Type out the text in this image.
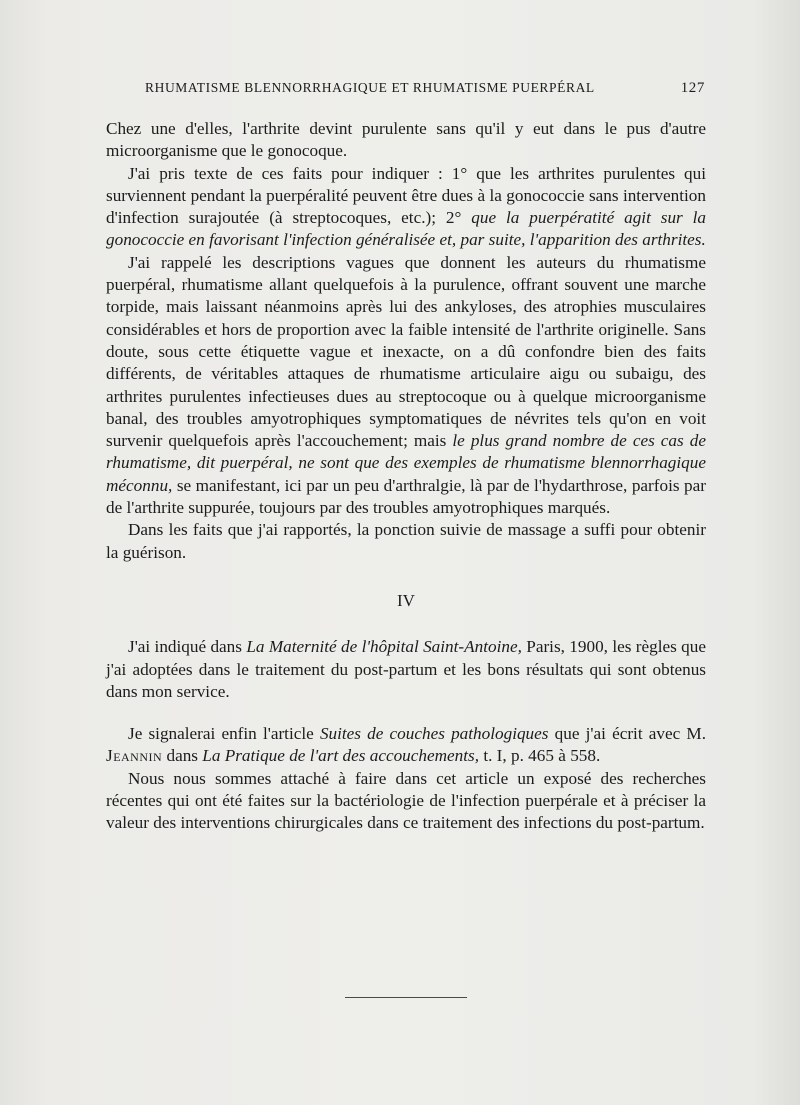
RHUMATISME BLENNORRHAGIQUE ET RHUMATISME PUERPÉRAL	127

Chez une d'elles, l'arthrite devint purulente sans qu'il y eut dans le pus d'autre microorganisme que le gonocoque.

J'ai pris texte de ces faits pour indiquer : 1° que les arthrites purulentes qui surviennent pendant la puerpéralité peuvent être dues à la gonococcie sans intervention d'infection surajoutée (à streptocoques, etc.); 2° que la puerpératité agit sur la gonococcie en favorisant l'infection généralisée et, par suite, l'apparition des arthrites.

J'ai rappelé les descriptions vagues que donnent les auteurs du rhumatisme puerpéral, rhumatisme allant quelquefois à la purulence, offrant souvent une marche torpide, mais laissant néanmoins après lui des ankyloses, des atrophies musculaires considérables et hors de proportion avec la faible intensité de l'arthrite originelle. Sans doute, sous cette étiquette vague et inexacte, on a dû confondre bien des faits différents, de véritables attaques de rhumatisme articulaire aigu ou subaigu, des arthrites purulentes infectieuses dues au streptocoque ou à quelque microorganisme banal, des troubles amyotrophiques symptomatiques de névrites tels qu'on en voit survenir quelquefois après l'accouchement; mais le plus grand nombre de ces cas de rhumatisme, dit puerpéral, ne sont que des exemples de rhumatisme blennorrhagique méconnu, se manifestant, ici par un peu d'arthralgie, là par de l'hydarthrose, parfois par de l'arthrite suppurée, toujours par des troubles amyotrophiques marqués.

Dans les faits que j'ai rapportés, la ponction suivie de massage a suffi pour obtenir la guérison.

IV

J'ai indiqué dans La Maternité de l'hôpital Saint-Antoine, Paris, 1900, les règles que j'ai adoptées dans le traitement du post-partum et les bons résultats qui sont obtenus dans mon service.

Je signalerai enfin l'article Suites de couches pathologiques que j'ai écrit avec M. Jeannin dans La Pratique de l'art des accouchements, t. I, p. 465 à 558.

Nous nous sommes attaché à faire dans cet article un exposé des recherches récentes qui ont été faites sur la bactériologie de l'infection puerpérale et à préciser la valeur des interventions chirurgicales dans ce traitement des infections du post-partum.
